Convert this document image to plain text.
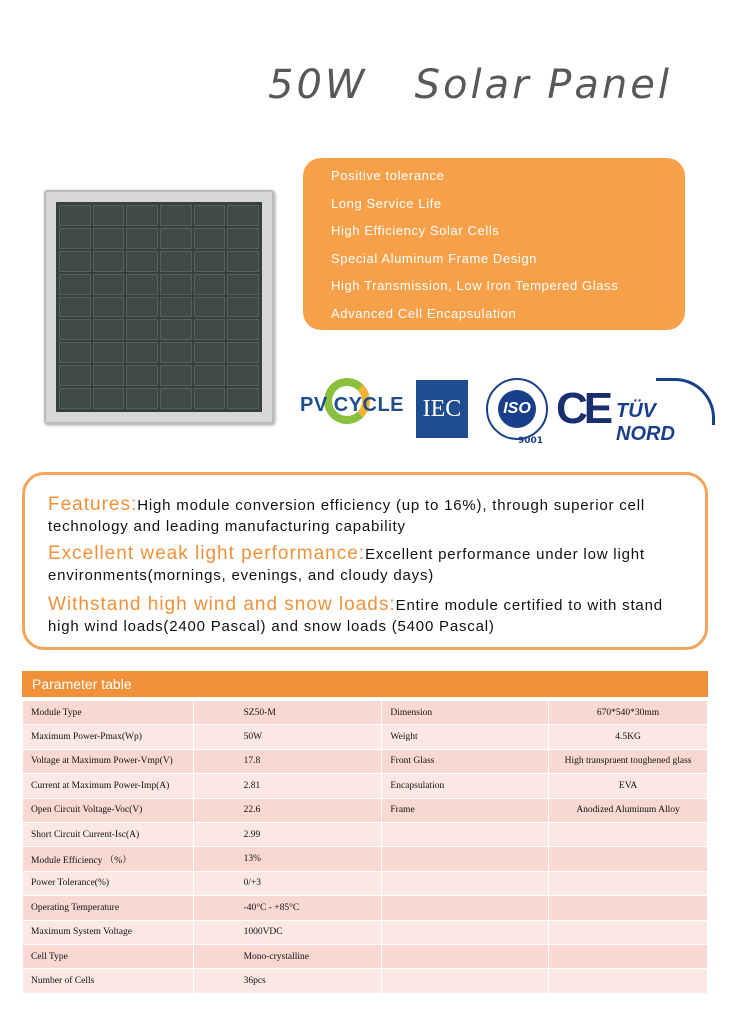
50W   Solar Panel
Positive tolerance
Long Service Life
High Efficiency Solar Cells
Special Aluminum Frame Design
High Transmission, Low Iron Tempered Glass
Advanced Cell Encapsulation
PV CYCLE IEC	ISO
9001
CE TÜV NORD
Features:High module conversion efficiency (up to 16%), through superior cell technology and leading manufacturing capability
Excellent weak light performance:Excellent performance under low light environments(mornings, evenings, and cloudy days)
Withstand high wind and snow loads:Entire module certified to with stand high wind loads(2400 Pascal) and snow loads (5400 Pascal)
Parameter table
Module Type	SZ50-M	Dimension	670*540*30mm
Maximum Power-Pmax(Wp)	50W	Weight	4.5KG
Voltage at Maximum Power-Vmp(V)	17.8	Front Glass	High transpraent toughened glass
Current at Maximum Power-Imp(A)	2.81	Encapsulation	EVA
Open Circuit Voltage-Voc(V)	22.6	Frame	Anodized Aluminum Alloy
Short Circuit Current-Isc(A)	2.99		
Module Efficiency （%）	13%		
Power Tolerance(%)	0/+3		
Operating Temperature	-40°C - +85°C		
Maximum System Voltage	1000VDC		
Cell Type	Mono-crystalline		
Number of Cells	36pcs		
